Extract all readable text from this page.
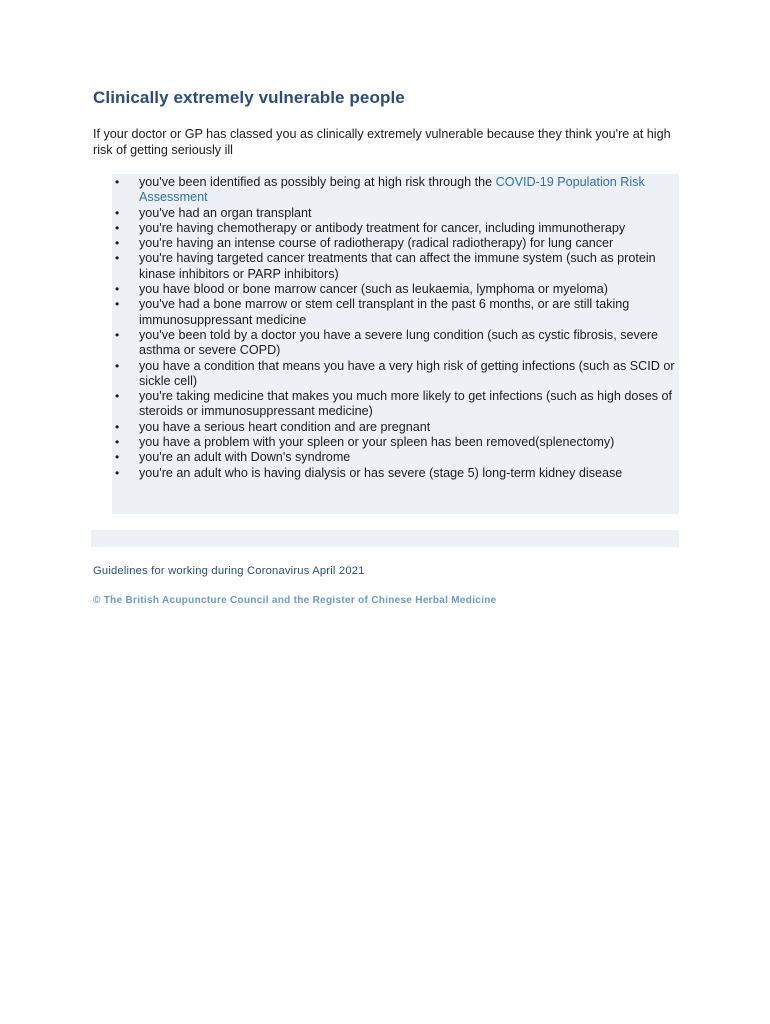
Clinically extremely vulnerable people

If your doctor or GP has classed you as clinically extremely vulnerable because they think you're at high risk of getting seriously ill

• you've been identified as possibly being at high risk through the COVID-19 Population Risk Assessment
• you've had an organ transplant
• you're having chemotherapy or antibody treatment for cancer, including immunotherapy
• you're having an intense course of radiotherapy (radical radiotherapy) for lung cancer
• you're having targeted cancer treatments that can affect the immune system (such as protein kinase inhibitors or PARP inhibitors)
• you have blood or bone marrow cancer (such as leukaemia, lymphoma or myeloma)
• you've had a bone marrow or stem cell transplant in the past 6 months, or are still taking immunosuppressant medicine
• you've been told by a doctor you have a severe lung condition (such as cystic fibrosis, severe asthma or severe COPD)
• you have a condition that means you have a very high risk of getting infections (such as SCID or sickle cell)
• you're taking medicine that makes you much more likely to get infections (such as high doses of steroids or immunosuppressant medicine)
• you have a serious heart condition and are pregnant
• you have a problem with your spleen or your spleen has been removed(splenectomy)
• you're an adult with Down's syndrome
• you're an adult who is having dialysis or has severe (stage 5) long-term kidney disease

Guidelines for working during Coronavirus April 2021

© The British Acupuncture Council and the Register of Chinese Herbal Medicine
